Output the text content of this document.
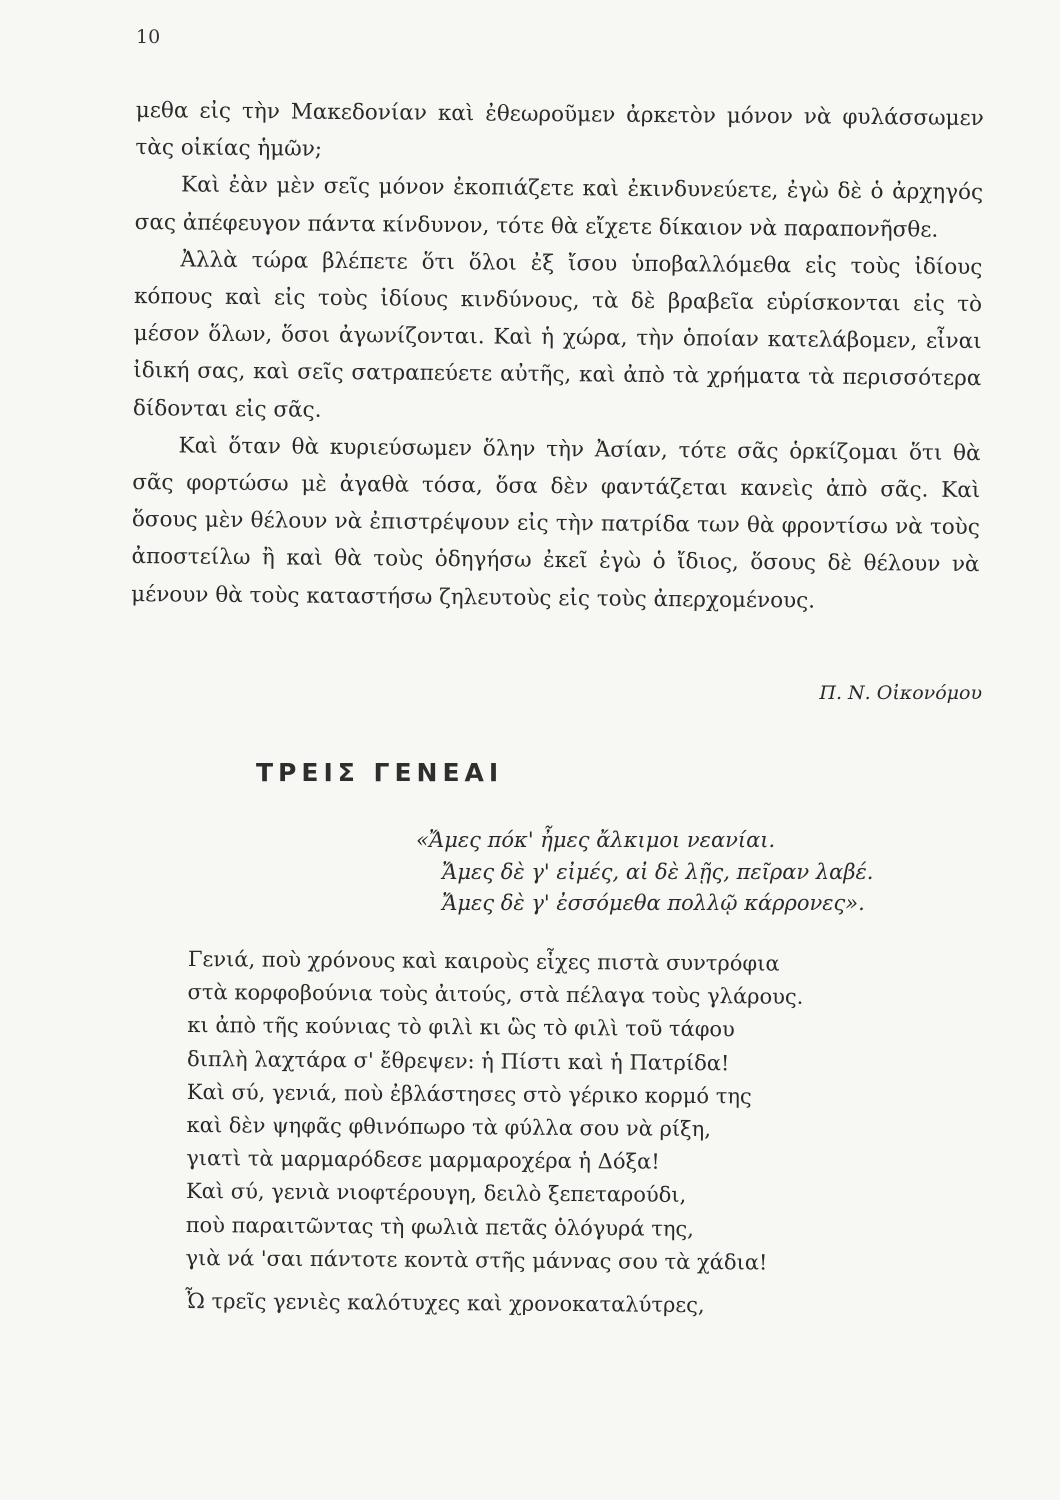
10

μεθα εἰς τὴν Μακεδονίαν καὶ ἐθεωροῦμεν ἀρκετὸν μόνον νὰ φυλάσσωμεν τὰς οἰκίας ἡμῶν;

Καὶ ἐὰν μὲν σεῖς μόνον ἐκοπιάζετε καὶ ἐκινδυνεύετε, ἐγὼ δὲ ὁ ἀρχηγός σας ἀπέφευγον πάντα κίνδυνον, τότε θὰ εἴχετε δίκαιον νὰ παραπονῆσθε.

Ἀλλὰ τώρα βλέπετε ὅτι ὅλοι ἐξ ἴσου ὑποβαλλόμεθα εἰς τοὺς ἰδίους κόπους καὶ εἰς τοὺς ἰδίους κινδύνους, τὰ δὲ βραβεῖα εὑρίσκονται εἰς τὸ μέσον ὅλων, ὅσοι ἀγωνίζονται. Καὶ ἡ χώρα, τὴν ὁποίαν κατελάβομεν, εἶναι ἰδική σας, καὶ σεῖς σατραπεύετε αὐτῆς, καὶ ἀπὸ τὰ χρήματα τὰ περισσότερα δίδονται εἰς σᾶς.

Καὶ ὅταν θὰ κυριεύσωμεν ὅλην τὴν Ἀσίαν, τότε σᾶς ὁρκίζομαι ὅτι θὰ σᾶς φορτώσω μὲ ἀγαθὰ τόσα, ὅσα δὲν φαντάζεται κανεὶς ἀπὸ σᾶς. Καὶ ὅσους μὲν θέλουν νὰ ἐπιστρέψουν εἰς τὴν πατρίδα των θὰ φροντίσω νὰ τοὺς ἀποστείλω ἢ καὶ θὰ τοὺς ὁδηγήσω ἐκεῖ ἐγὼ ὁ ἴδιος, ὅσους δὲ θέλουν νὰ μένουν θὰ τοὺς καταστήσω ζηλευτοὺς εἰς τοὺς ἀπερχομένους.

Π. Ν. Οἰκονόμου
ΤΡΕΙΣ ΓΕΝΕΑΙ
«Ἄμες πόκ' ἦμες ἄλκιμοι νεανίαι.
Ἄμες δὲ γ' εἰμές, αἰ δὲ λῇς, πεῖραν λαβέ.
Ἄμες δὲ γ' ἐσσόμεθα πολλῷ κάρρονες».
Γενιά, ποὺ χρόνους καὶ καιροὺς εἶχες πιστὰ συντρόφια
στὰ κορφοβούνια τοὺς ἀιτούς, στὰ πέλαγα τοὺς γλάρους.
κι ἀπὸ τῆς κούνιας τὸ φιλὶ κι ὣς τὸ φιλὶ τοῦ τάφου
διπλὴ λαχτάρα σ' ἔθρεψεν: ἡ Πίστι καὶ ἡ Πατρίδα!
Καὶ σύ, γενιά, ποὺ ἐβλάστησες στὸ γέρικο κορμό της
καὶ δὲν ψηφᾶς φθινόπωρο τὰ φύλλα σου νὰ ρίξη,
γιατὶ τὰ μαρμαρόδεσε μαρμαροχέρα ἡ Δόξα!
Καὶ σύ, γενιὰ νιοφτέρουγη, δειλὸ ξεπεταρούδι,
ποὺ παραιτῶντας τὴ φωλιὰ πετᾶς ὁλόγυρά της,
γιὰ νά 'σαι πάντοτε κοντὰ στῆς μάννας σου τὰ χάδια!
Ὦ τρεῖς γενιὲς καλότυχες καὶ χρονοκαταλύτρες,
